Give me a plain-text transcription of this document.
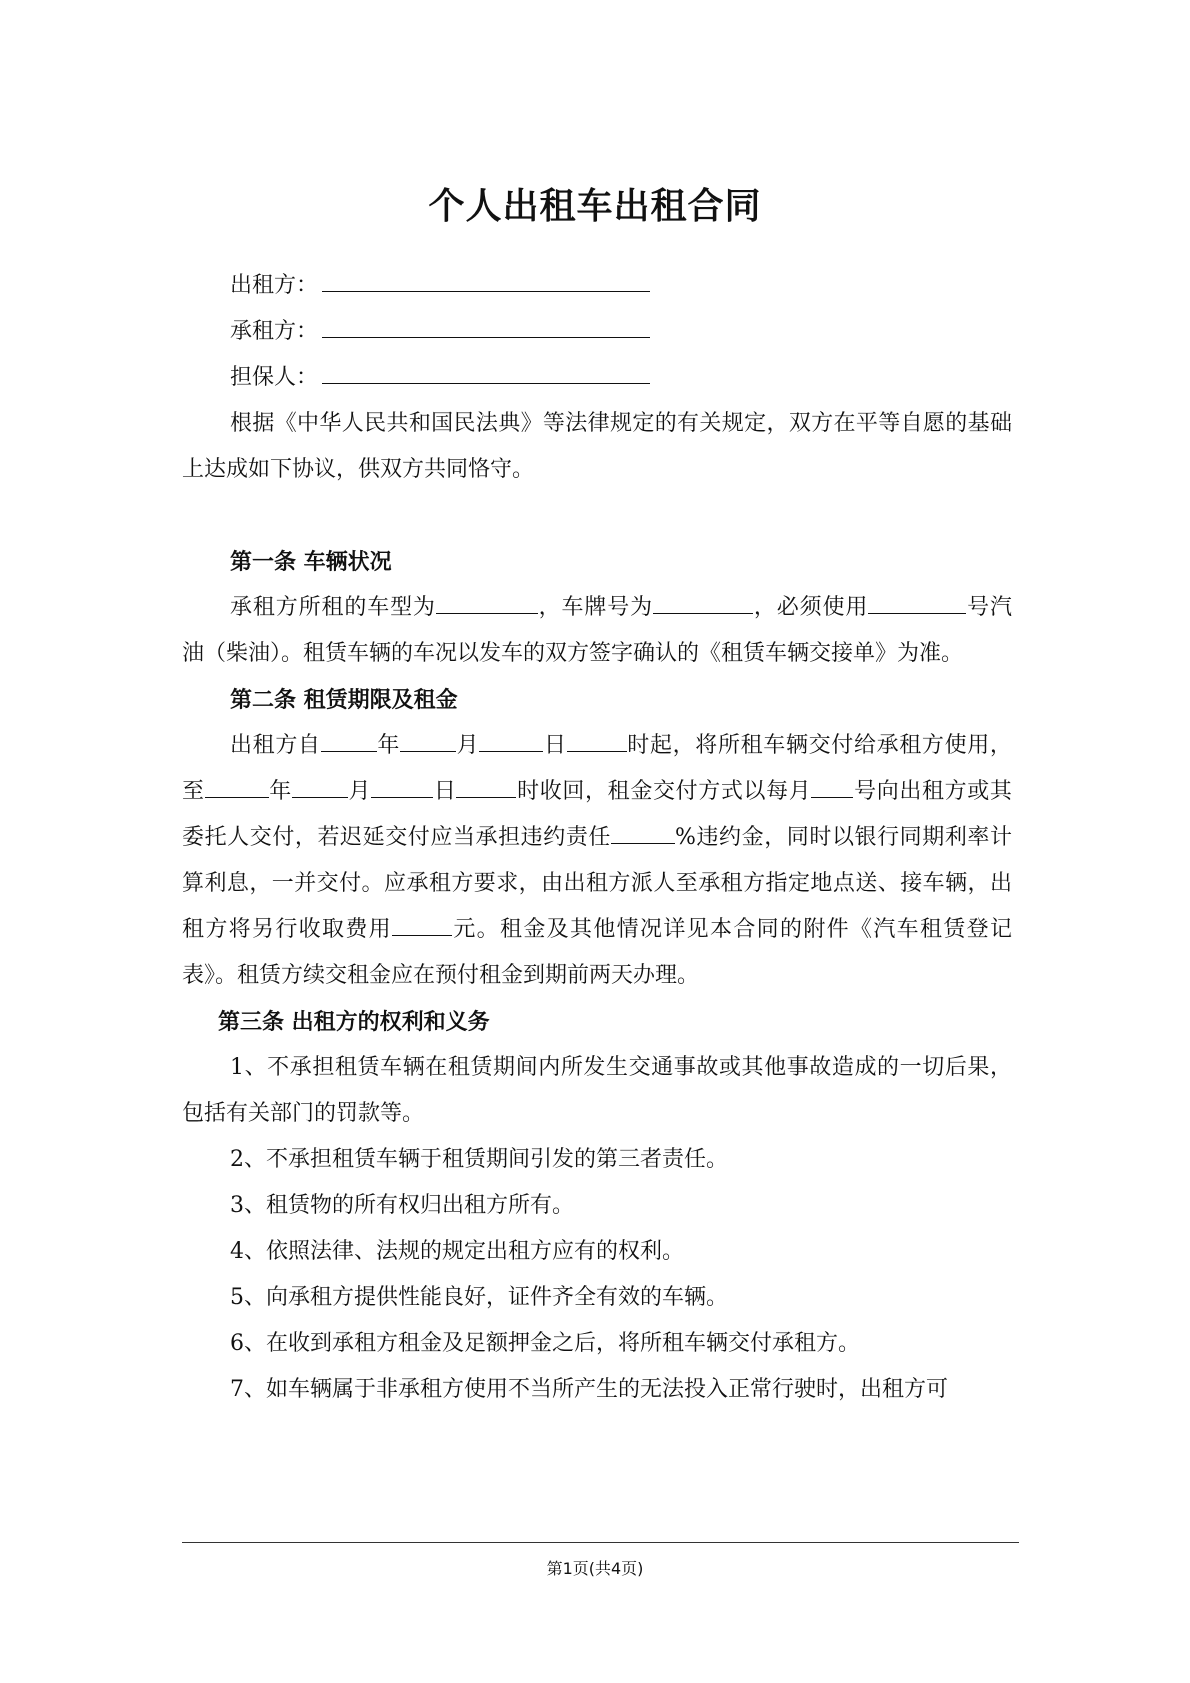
个人出租车出租合同

出租方：

承租方：

担保人：

根据《中华人民共和国民法典》等法律规定的有关规定，双方在平等自愿的基础上达成如下协议，供双方共同恪守。

第一条 车辆状况

承租方所租的车型为	，车牌号为	，必须使用	号汽油（柴油）。租赁车辆的车况以发车的双方签字确认的《租赁车辆交接单》为准。

第二条 租赁期限及租金

出租方自	年	月	日	时起，将所租车辆交付给承租方使用，至	年	月	日	时收回，租金交付方式以每月 号向出租方或其委托人交付，若迟延交付应当承担违约责任	%违约金，同时以银行同期利率计算利息，一并交付。应承租方要求，由出租方派人至承租方指定地点送、接车辆，出租方将另行收取费用	元。租金及其他情况详见本合同的附件《汽车租赁登记表》。租赁方续交租金应在预付租金到期前两天办理。

第三条 出租方的权利和义务

1、不承担租赁车辆在租赁期间内所发生交通事故或其他事故造成的一切后果，包括有关部门的罚款等。

2、不承担租赁车辆于租赁期间引发的第三者责任。

3、租赁物的所有权归出租方所有。

4、依照法律、法规的规定出租方应有的权利。

5、向承租方提供性能良好，证件齐全有效的车辆。

6、在收到承租方租金及足额押金之后，将所租车辆交付承租方。

7、如车辆属于非承租方使用不当所产生的无法投入正常行驶时，出租方可

第1页(共4页)
